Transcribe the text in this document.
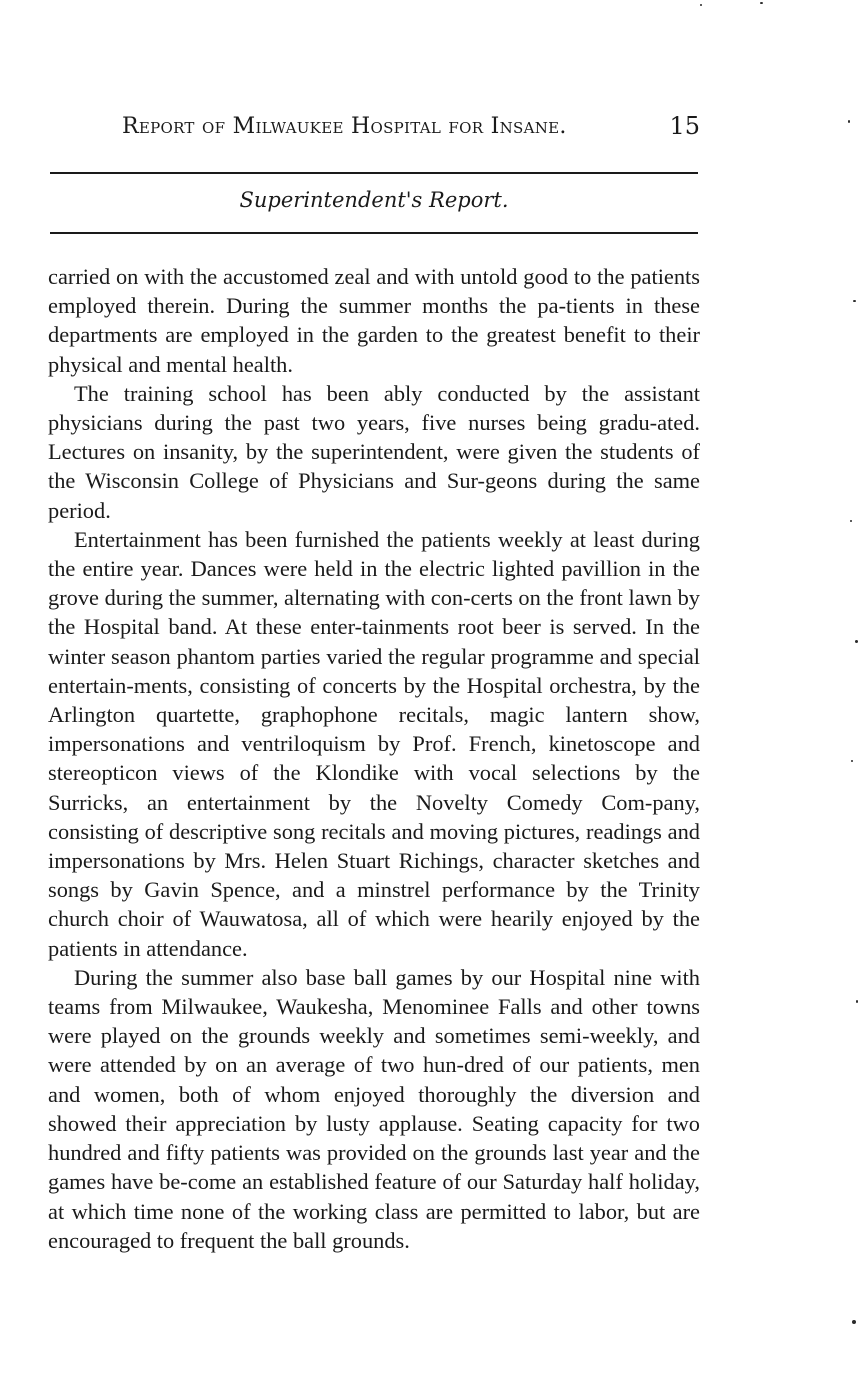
Report of Milwaukee Hospital for Insane.	15
Superintendent's Report.

carried on with the accustomed zeal and with untold good to the patients employed therein. During the summer months the pa-tients in these departments are employed in the garden to the greatest benefit to their physical and mental health.

The training school has been ably conducted by the assistant physicians during the past two years, five nurses being gradu-ated. Lectures on insanity, by the superintendent, were given the students of the Wisconsin College of Physicians and Sur-geons during the same period.

Entertainment has been furnished the patients weekly at least during the entire year. Dances were held in the electric lighted pavillion in the grove during the summer, alternating with con-certs on the front lawn by the Hospital band. At these enter-tainments root beer is served. In the winter season phantom parties varied the regular programme and special entertain-ments, consisting of concerts by the Hospital orchestra, by the Arlington quartette, graphophone recitals, magic lantern show, impersonations and ventriloquism by Prof. French, kinetoscope and stereopticon views of the Klondike with vocal selections by the Surricks, an entertainment by the Novelty Comedy Com-pany, consisting of descriptive song recitals and moving pictures, readings and impersonations by Mrs. Helen Stuart Richings, character sketches and songs by Gavin Spence, and a minstrel performance by the Trinity church choir of Wauwatosa, all of which were hearily enjoyed by the patients in attendance.

During the summer also base ball games by our Hospital nine with teams from Milwaukee, Waukesha, Menominee Falls and other towns were played on the grounds weekly and sometimes semi-weekly, and were attended by on an average of two hun-dred of our patients, men and women, both of whom enjoyed thoroughly the diversion and showed their appreciation by lusty applause. Seating capacity for two hundred and fifty patients was provided on the grounds last year and the games have be-come an established feature of our Saturday half holiday, at which time none of the working class are permitted to labor, but are encouraged to frequent the ball grounds.
